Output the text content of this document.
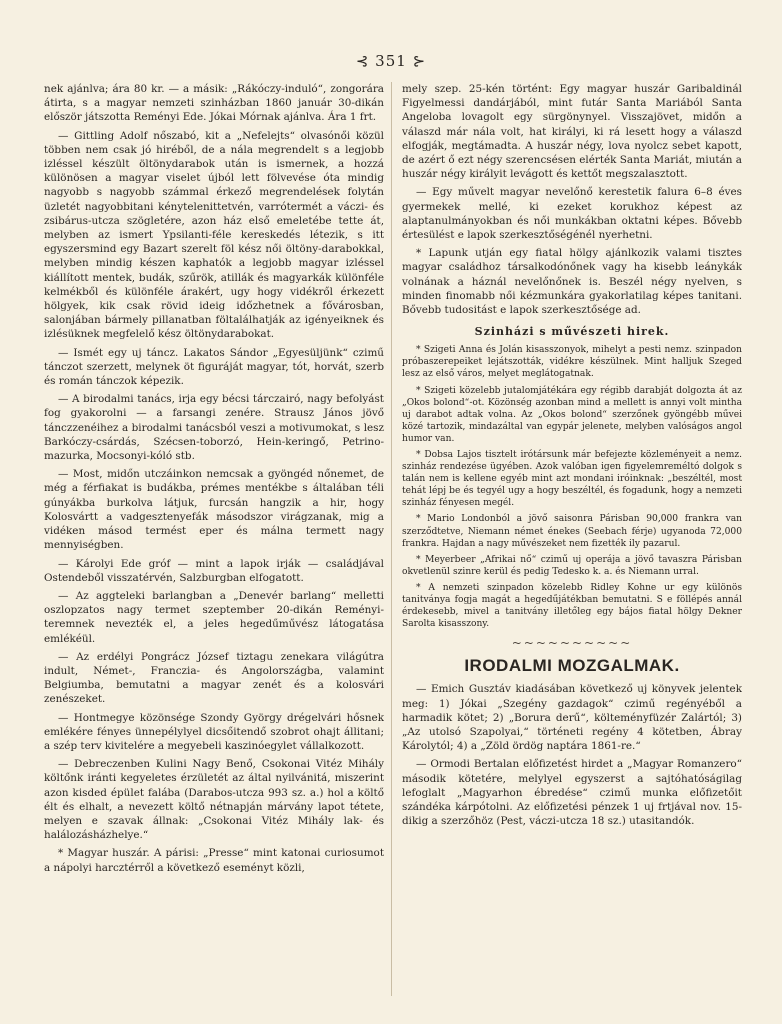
⊰ 351 ⊱

nek ajánlva; ára 80 kr. — a másik: „Rákóczy-induló“, zongorára átirta, s a magyar nemzeti szinházban 1860 január 30-dikán először játszotta Reményi Ede. Jókai Mórnak ajánlva. Ára 1 frt.

— Gittling Adolf nőszabó, kit a „Nefelejts“ olvasónői közül többen nem csak jó hiréből, de a nála megrendelt s a legjobb izléssel készült öltönydarabok után is ismernek, a hozzá különösen a magyar viselet újból lett fölvevése óta mindig nagyobb s nagyobb számmal érkező megrendelések folytán üzletét nagyobbitani kénytelenittetvén, varrótermét a váczi- és zsibárus-utcza szögletére, azon ház első emeletébe tette át, melyben az ismert Ypsilanti-féle kereskedés létezik, s itt egyszersmind egy Bazart szerelt föl kész női öltöny-darabokkal, melyben mindig készen kaphatók a legjobb magyar izléssel kiállított mentek, budák, szűrök, atillák és magyarkák különféle kelmékből és különféle árakért, ugy hogy vidékről érkezett hölgyek, kik csak rövid ideig időzhetnek a fővárosban, salonjában bármely pillanatban föltalálhatják az igényeiknek és izlésüknek megfelelő kész öltönydarabokat.

— Ismét egy uj táncz. Lakatos Sándor „Egyesüljünk“ czimű tánczot szerzett, melynek öt figuráját magyar, tót, horvát, szerb és román tánczok képezik.

— A birodalmi tanács, irja egy bécsi tárczairó, nagy befolyást fog gyakorolni — a farsangi zenére. Strausz János jövő tánczzenéihez a birodalmi tanácsból veszi a motivumokat, s lesz Barkóczy-csárdás, Szécsen-toborzó, Hein-keringő, Petrino-mazurka, Mocsonyi-kóló stb.

— Most, midőn utczáinkon nemcsak a gyöngéd nőnemet, de még a férfiakat is budákba, prémes mentékbe s általában téli gúnyákba burkolva látjuk, furcsán hangzik a hir, hogy Kolosvártt a vadgesztenyefák másodszor virágzanak, mig a vidéken másod termést eper és málna termett nagy mennyiségben.

— Károlyi Ede gróf — mint a lapok irják — családjával Ostendeből visszatérvén, Salzburgban elfogatott.

— Az aggteleki barlangban a „Denevér barlang“ melletti oszlopzatos nagy termet szeptember 20-dikán Reményi-teremnek nevezték el, a jeles hegedűművész látogatása emlékéül.

— Az erdélyi Pongrácz József tiztagu zenekara világútra indult, Német-, Franczia- és Angolországba, valamint Belgiumba, bemutatni a magyar zenét és a kolosvári zenészeket.

— Hontmegye közönsége Szondy György drégelvári hősnek emlékére fényes ünnepélylyel dicsőitendő szobrot ohajt állitani; a szép terv kivitelére a megyebeli kaszinóegylet vállalkozott.

— Debreczenben Kulini Nagy Benő, Csokonai Vitéz Mihály költőnk iránti kegyeletes érzületét az által nyilvánitá, miszerint azon kisded épület falába (Darabos-utcza 993 sz. a.) hol a költő élt és elhalt, a nevezett költő nétnapján márvány lapot tétete, melyen e szavak állnak: „Csokonai Vitéz Mihály lak- és halálozásházhelye.“

* Magyar huszár. A párisi: „Presse“ mint katonai curiosumot a nápolyi harcztérről a következő eseményt közli,

mely szep. 25-kén történt: Egy magyar huszár Garibaldinál Figyelmessi dandárjából, mint futár Santa Mariából Santa Angeloba lovagolt egy sürgönynyel. Visszajövet, midőn a válaszd már nála volt, hat királyi, ki rá lesett hogy a válaszd elfogják, megtámadta. A huszár négy, lova nyolcz sebet kapott, de azért ő ezt négy szerencsésen elérték Santa Mariát, miután a huszár négy királyit levágott és kettőt megszalasztott.

— Egy művelt magyar nevelőnő kerestetik falura 6–8 éves gyermekek mellé, ki ezeket korukhoz képest az alaptanulmányokban és női munkákban oktatni képes. Bővebb értesülést e lapok szerkesztőségénél nyerhetni.

* Lapunk utján egy fiatal hölgy ajánlkozik valami tisztes magyar családhoz társalkodónőnek vagy ha kisebb leánykák volnának a háznál nevelőnőnek is. Beszél négy nyelven, s minden finomabb női kézmunkára gyakorlatilag képes tanitani. Bővebb tudositást e lapok szerkesztősége ad.

Szinházi s művészeti hirek.

* Szigeti Anna és Jolán kisasszonyok, mihelyt a pesti nemz. szinpadon próbaszerepeiket lejátszották, vidékre készülnek. Mint halljuk Szeged lesz az első város, melyet meglátogatnak.

* Szigeti közelebb jutalomjátékára egy régibb darabját dolgozta át az „Okos bolond“-ot. Közönség azonban mind a mellett is annyi volt mintha uj darabot adtak volna. Az „Okos bolond“ szerzőnek gyöngébb művei közé tartozik, mindazáltal van egypár jelenete, melyben valóságos angol humor van.

* Dobsa Lajos tisztelt irótársunk már befejezte közleményeit a nemz. szinház rendezése ügyében. Azok valóban igen figyelemreméltó dolgok s talán nem is kellene egyéb mint azt mondani iróinknak: „beszéltél, most tehát lépj be és tegyél ugy a hogy beszéltél, és fogadunk, hogy a nemzeti szinház fényesen megél.

* Mario Londonból a jövő saisonra Párisban 90,000 frankra van szerződtetve, Niemann német énekes (Seebach férje) ugyanoda 72,000 frankra. Hajdan a nagy művészeket nem fizették ily pazarul.

* Meyerbeer „Afrikai nő“ czimű uj operája a jövő tavaszra Párisban okvetlenül szinre kerül és pedig Tedesko k. a. és Niemann urral.

* A nemzeti szinpadon közelebb Ridley Kohne ur egy különös tanitványa fogja magát a hegedűjátékban bemutatni. S e föllépés annál érdekesebb, mivel a tanitvány illetőleg egy bájos fiatal hölgy Dekner Sarolta kisasszony.

~~~~~~~~~~
IRODALMI MOZGALMAK.

— Emich Gusztáv kiadásában következő uj könyvek jelentek meg: 1) Jókai „Szegény gazdagok“ czimű regényéből a harmadik kötet; 2) „Borura derű“, költeményfüzér Zalártól; 3) „Az utolsó Szapolyai,“ történeti regény 4 kötetben, Ábray Károlytól; 4) a „Zöld ördög naptára 1861-re.“

— Ormodi Bertalan előfizetést hirdet a „Magyar Romanzero“ második kötetére, melylyel egyszerst a sajtóhatóságilag lefoglalt „Magyarhon ébredése“ czimű munka előfizetőit szándéka kárpótolni. Az előfizetési pénzek 1 uj frtjával nov. 15-dikig a szerzőhöz (Pest, váczi-utcza 18 sz.) utasitandók.
